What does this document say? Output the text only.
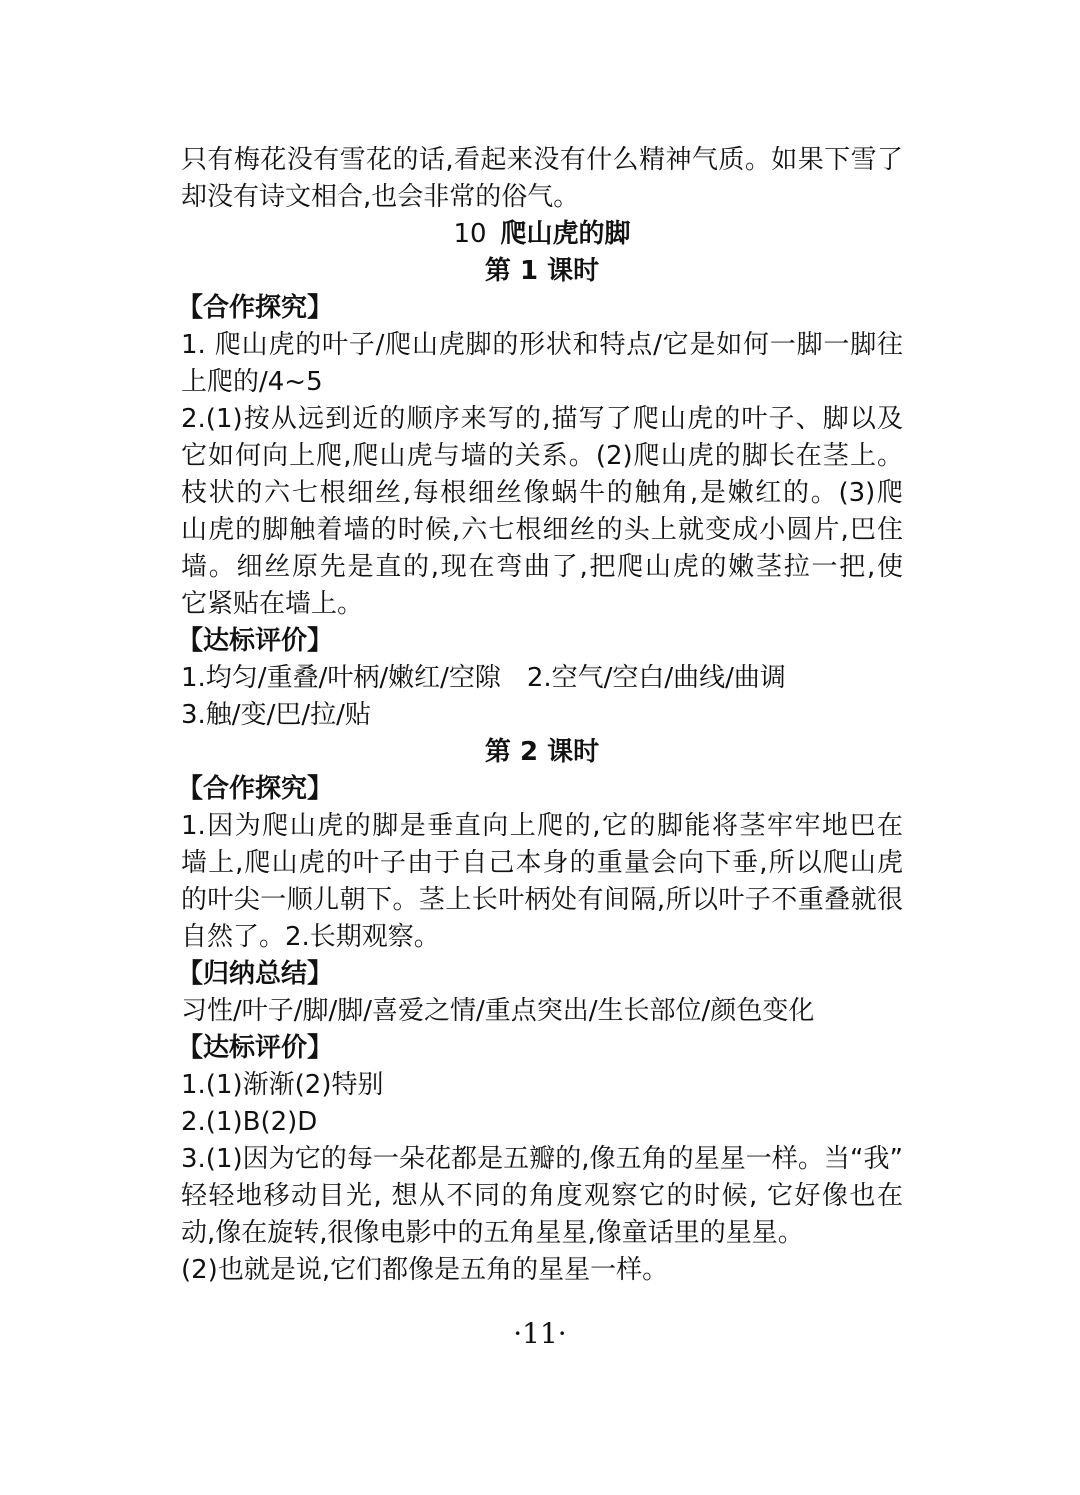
只有梅花没有雪花的话,看起来没有什么精神气质。如果下雪了
却没有诗文相合,也会非常的俗气。
10 爬山虎的脚
第 1 课时
【合作探究】
1. 爬山虎的叶子/爬山虎脚的形状和特点/它是如何一脚一脚往
上爬的/4~5
2.(1)按从远到近的顺序来写的,描写了爬山虎的叶子、脚以及
它如何向上爬,爬山虎与墙的关系。(2)爬山虎的脚长在茎上。
枝状的六七根细丝,每根细丝像蜗牛的触角,是嫩红的。(3)爬
山虎的脚触着墙的时候,六七根细丝的头上就变成小圆片,巴住
墙。细丝原先是直的,现在弯曲了,把爬山虎的嫩茎拉一把,使
它紧贴在墙上。
【达标评价】
1.均匀/重叠/叶柄/嫩红/空隙　2.空气/空白/曲线/曲调
3.触/变/巴/拉/贴
第 2 课时
【合作探究】
1.因为爬山虎的脚是垂直向上爬的,它的脚能将茎牢牢地巴在
墙上,爬山虎的叶子由于自己本身的重量会向下垂,所以爬山虎
的叶尖一顺儿朝下。茎上长叶柄处有间隔,所以叶子不重叠就很
自然了。2.长期观察。
【归纳总结】
习性/叶子/脚/脚/喜爱之情/重点突出/生长部位/颜色变化
【达标评价】
1.(1)渐渐(2)特别
2.(1)B(2)D
3.(1)因为它的每一朵花都是五瓣的,像五角的星星一样。当“我”
轻轻地移动目光, 想从不同的角度观察它的时候, 它好像也在
动,像在旋转,很像电影中的五角星星,像童话里的星星。
(2)也就是说,它们都像是五角的星星一样。
·11·
